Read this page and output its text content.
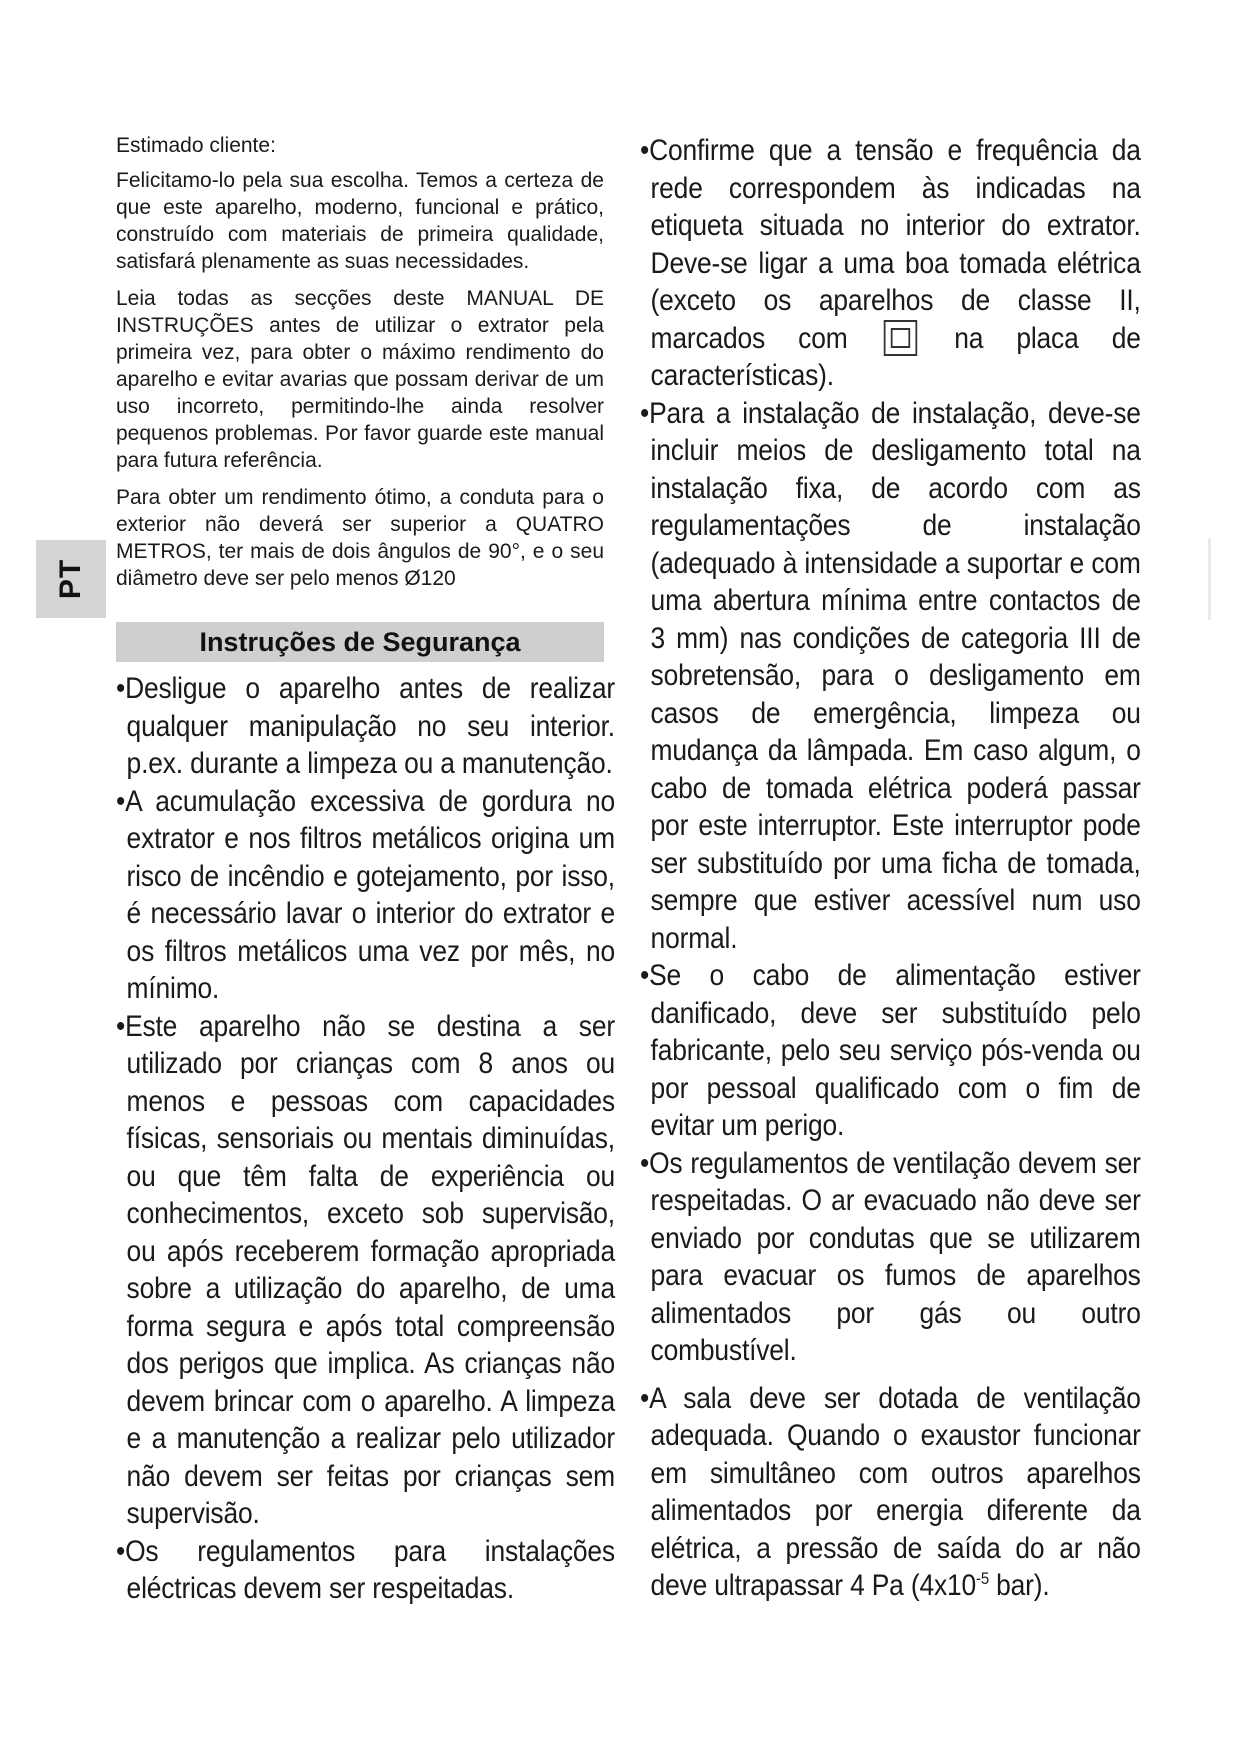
PT

Estimado cliente:

Felicitamo-lo pela sua escolha. Temos a certeza de que este aparelho, moderno, funcional e prático, construído com materiais de primeira qualidade, satisfará plenamente as suas necessidades.

Leia todas as secções deste MANUAL DE INSTRUÇÕES antes de utilizar o extrator pela primeira vez, para obter o máximo rendimento do aparelho e evitar avarias que possam derivar de um uso incorreto, permitindo-lhe ainda resolver pequenos problemas. Por favor guarde este manual para futura referência.

Para obter um rendimento ótimo, a conduta para o exterior não deverá ser superior a QUATRO METROS, ter mais de dois ângulos de 90°, e o seu diâmetro deve ser pelo menos Ø120

Instruções de Segurança

•Desligue o aparelho antes de realizar qualquer manipulação no seu interior. p.ex. durante a limpeza ou a manutenção.

•A acumulação excessiva de gordura no extrator e nos filtros metálicos origina um risco de incêndio e gotejamento, por isso, é necessário lavar o interior do extrator e os filtros metálicos uma vez por mês, no mínimo.

•Este aparelho não se destina a ser utilizado por crianças com 8 anos ou menos e pessoas com capacidades físicas, sensoriais ou mentais diminuídas, ou que têm falta de experiência ou conhecimentos, exceto sob supervisão, ou após receberem formação apropriada sobre a utilização do aparelho, de uma forma segura e após total compreensão dos perigos que implica. As crianças não devem brincar com o aparelho. A limpeza e a manutenção a realizar pelo utilizador não devem ser feitas por crianças sem supervisão.

•Os regulamentos para instalações eléctricas devem ser respeitadas.

•Confirme que a tensão e frequência da rede correspondem às indicadas na etiqueta situada no interior do extrator. Deve-se ligar a uma boa tomada elétrica (exceto os aparelhos de classe II, marcados com	na placa de características).

•Para a instalação de instalação, deve-se incluir meios de desligamento total na instalação fixa, de acordo com as regulamentações de instalação (adequado à intensidade a suportar e com uma abertura mínima entre contactos de 3 mm) nas condições de categoria III de sobretensão, para o desligamento em casos de emergência, limpeza ou mudança da lâmpada. Em caso algum, o cabo de tomada elétrica poderá passar por este interruptor. Este interruptor pode ser substituído por uma ficha de tomada, sempre que estiver acessível num uso normal.

•Se o cabo de alimentação estiver danificado, deve ser substituído pelo fabricante, pelo seu serviço pós-venda ou por pessoal qualificado com o fim de evitar um perigo.

•Os regulamentos de ventilação devem ser respeitadas. O ar evacuado não deve ser enviado por condutas que se utilizarem para evacuar os fumos de aparelhos alimentados por gás ou outro combustível.

•A sala deve ser dotada de ventilação adequada. Quando o exaustor funcionar em simultâneo com outros aparelhos alimentados por energia diferente da elétrica, a pressão de saída do ar não deve ultrapassar 4 Pa ($4x10^{-5}$ bar).
